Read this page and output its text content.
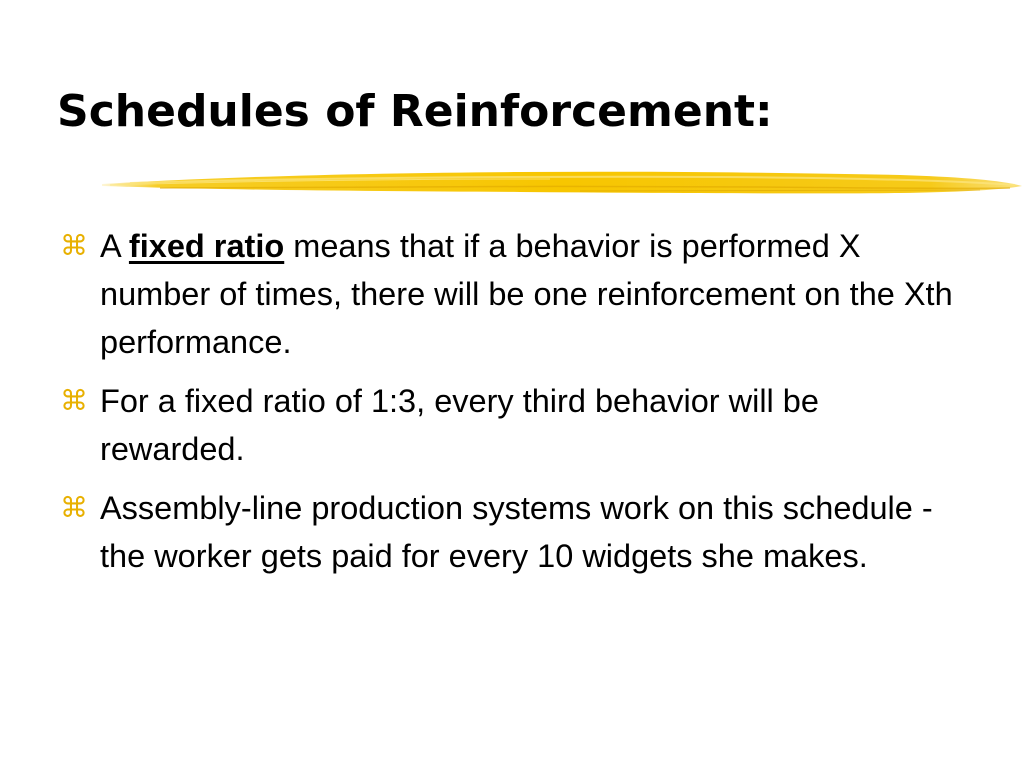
Schedules of Reinforcement:
⌘ A fixed ratio means that if a behavior is performed X number of times, there will be one reinforcement on the Xth performance.
⌘ For a fixed ratio of 1:3, every third behavior will be rewarded.
⌘ Assembly-line production systems work on this schedule - the worker gets paid for every 10 widgets she makes.
